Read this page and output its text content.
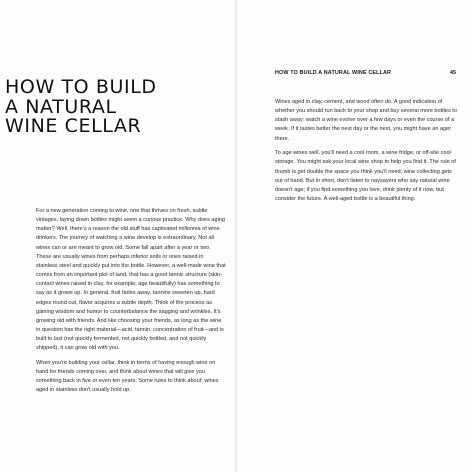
HOW TO BUILD
A NATURAL
WINE CELLAR

For a new generation coming to wine, one that thrives on fresh, subtle vintages, laying down bottles might seem a curious practice. Why does aging matter? Well, there's a reason the old stuff has captivated millennia of wine drinkers. The journey of watching a wine develop is extraordinary. Not all wines can or are meant to grow old. Some fall apart after a year or two. These are usually wines from perhaps inferior soils or ones raised in stainless steel and quickly put into the bottle. However, a well-made wine that comes from an important plot of land, that has a good tannic structure (skin-contact wines raised in clay, for example, age beautifully) has something to say as it grows up. In general, fruit fades away, tannins sweeten up, hard edges round out, flavor acquires a subtle depth. Think of the process as gaining wisdom and humor to counterbalance the sagging and wrinkles. It's growing old with friends. And like choosing your friends, as long as the wine in question has the right material—acid, tannin, concentration of fruit—and is built to last (not quickly fermented, not quickly bottled, and not quickly shipped), it can grow old with you.

When you're building your cellar, think in terms of having enough wine on hand for friends coming over, and think about wines that will give you something back in five or even ten years. Some rules to think about: wines aged in stainless don't usually hold up.

HOW TO BUILD A NATURAL WINE CELLAR	45

Wines aged in clay, cement, and wood often do. A good indication of whether you should run back to your shop and buy several more bottles to stash away: watch a wine evolve over a few days or even the course of a week. If it tastes better the next day or the next, you might have an ager there.

To age wines well, you'll need a cool room, a wine fridge, or off-site cool storage. You might ask your local wine shop to help you find it. The rule of thumb is get double the space you think you'll need; wine collecting gets out of hand. But in short, don't listen to naysayers who say natural wine doesn't age; if you find something you love, drink plenty of it now, but consider the future. A well-aged bottle is a beautiful thing.
